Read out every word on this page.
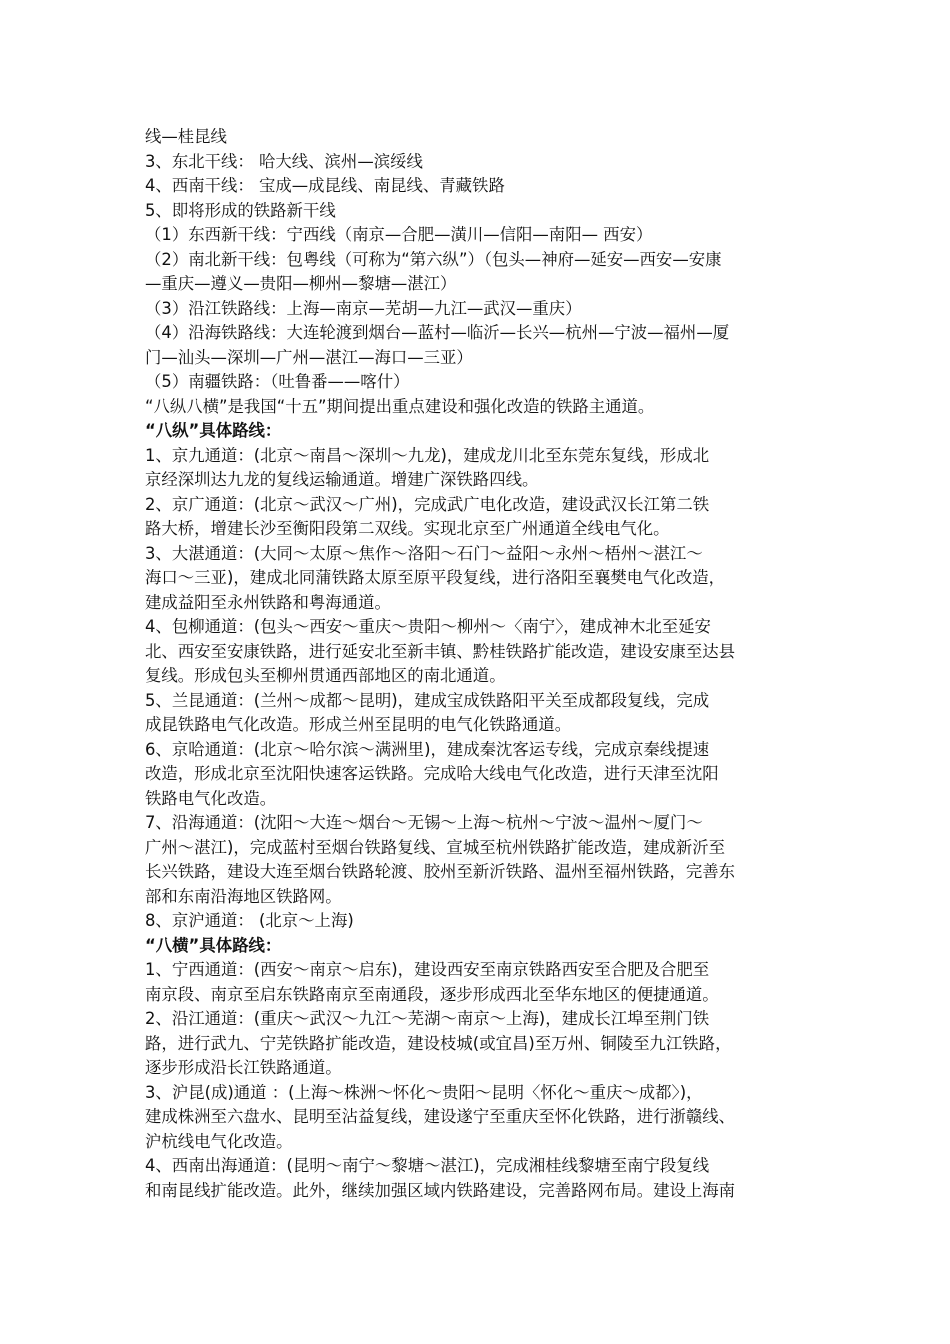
线—桂昆线
3、东北干线： 哈大线、滨州—滨绥线
4、西南干线： 宝成—成昆线、南昆线、青藏铁路
5、即将形成的铁路新干线
（1）东西新干线：宁西线（南京—合肥—潢川—信阳—南阳— 西安）
（2）南北新干线：包粤线（可称为“第六纵”）（包头—神府—延安—西安—安康
—重庆—遵义—贵阳—柳州—黎塘—湛江）
（3）沿江铁路线：上海—南京—芜胡—九江—武汉—重庆）
（4）沿海铁路线：大连轮渡到烟台—蓝村—临沂—长兴—杭州—宁波—福州—厦
门—汕头—深圳—广州—湛江—海口—三亚）
（5）南疆铁路：（吐鲁番——喀什）
“八纵八横”是我国“十五”期间提出重点建设和强化改造的铁路主通道。
“八纵”具体路线：
1、京九通道：(北京～南昌～深圳～九龙)，建成龙川北至东莞东复线，形成北
京经深圳达九龙的复线运输通道。增建广深铁路四线。
2、京广通道：(北京～武汉～广州)，完成武广电化改造，建设武汉长江第二铁
路大桥，增建长沙至衡阳段第二双线。实现北京至广州通道全线电气化。
3、大湛通道：(大同～太原～焦作～洛阳～石门～益阳～永州～梧州～湛江～
海口～三亚)，建成北同蒲铁路太原至原平段复线，进行洛阳至襄樊电气化改造，
建成益阳至永州铁路和粤海通道。
4、包柳通道：(包头～西安～重庆～贵阳～柳州～〈南宁〉，建成神木北至延安
北、西安至安康铁路，进行延安北至新丰镇、黔桂铁路扩能改造，建设安康至达县
复线。形成包头至柳州贯通西部地区的南北通道。
5、兰昆通道：(兰州～成都～昆明)，建成宝成铁路阳平关至成都段复线，完成
成昆铁路电气化改造。形成兰州至昆明的电气化铁路通道。
6、京哈通道：(北京～哈尔滨～满洲里)，建成秦沈客运专线，完成京秦线提速
改造，形成北京至沈阳快速客运铁路。完成哈大线电气化改造，进行天津至沈阳
铁路电气化改造。
7、沿海通道：(沈阳～大连～烟台～无锡～上海～杭州～宁波～温州～厦门～
广州～湛江)，完成蓝村至烟台铁路复线、宣城至杭州铁路扩能改造，建成新沂至
长兴铁路，建设大连至烟台铁路轮渡、胶州至新沂铁路、温州至福州铁路，完善东
部和东南沿海地区铁路网。
8、京沪通道： (北京～上海)
“八横”具体路线：
1、宁西通道：(西安～南京～启东)，建设西安至南京铁路西安至合肥及合肥至
南京段、南京至启东铁路南京至南通段，逐步形成西北至华东地区的便捷通道。
2、沿江通道：(重庆～武汉～九江～芜湖～南京～上海)，建成长江埠至荆门铁
路，进行武九、宁芜铁路扩能改造，建设枝城(或宜昌)至万州、铜陵至九江铁路，
逐步形成沿长江铁路通道。
3、沪昆(成)通道 ：(上海～株洲～怀化～贵阳～昆明〈怀化～重庆～成都〉)，
建成株洲至六盘水、昆明至沾益复线，建设遂宁至重庆至怀化铁路，进行浙赣线、
沪杭线电气化改造。
4、西南出海通道：(昆明～南宁～黎塘～湛江)，完成湘桂线黎塘至南宁段复线
和南昆线扩能改造。此外，继续加强区域内铁路建设，完善路网布局。建设上海南
